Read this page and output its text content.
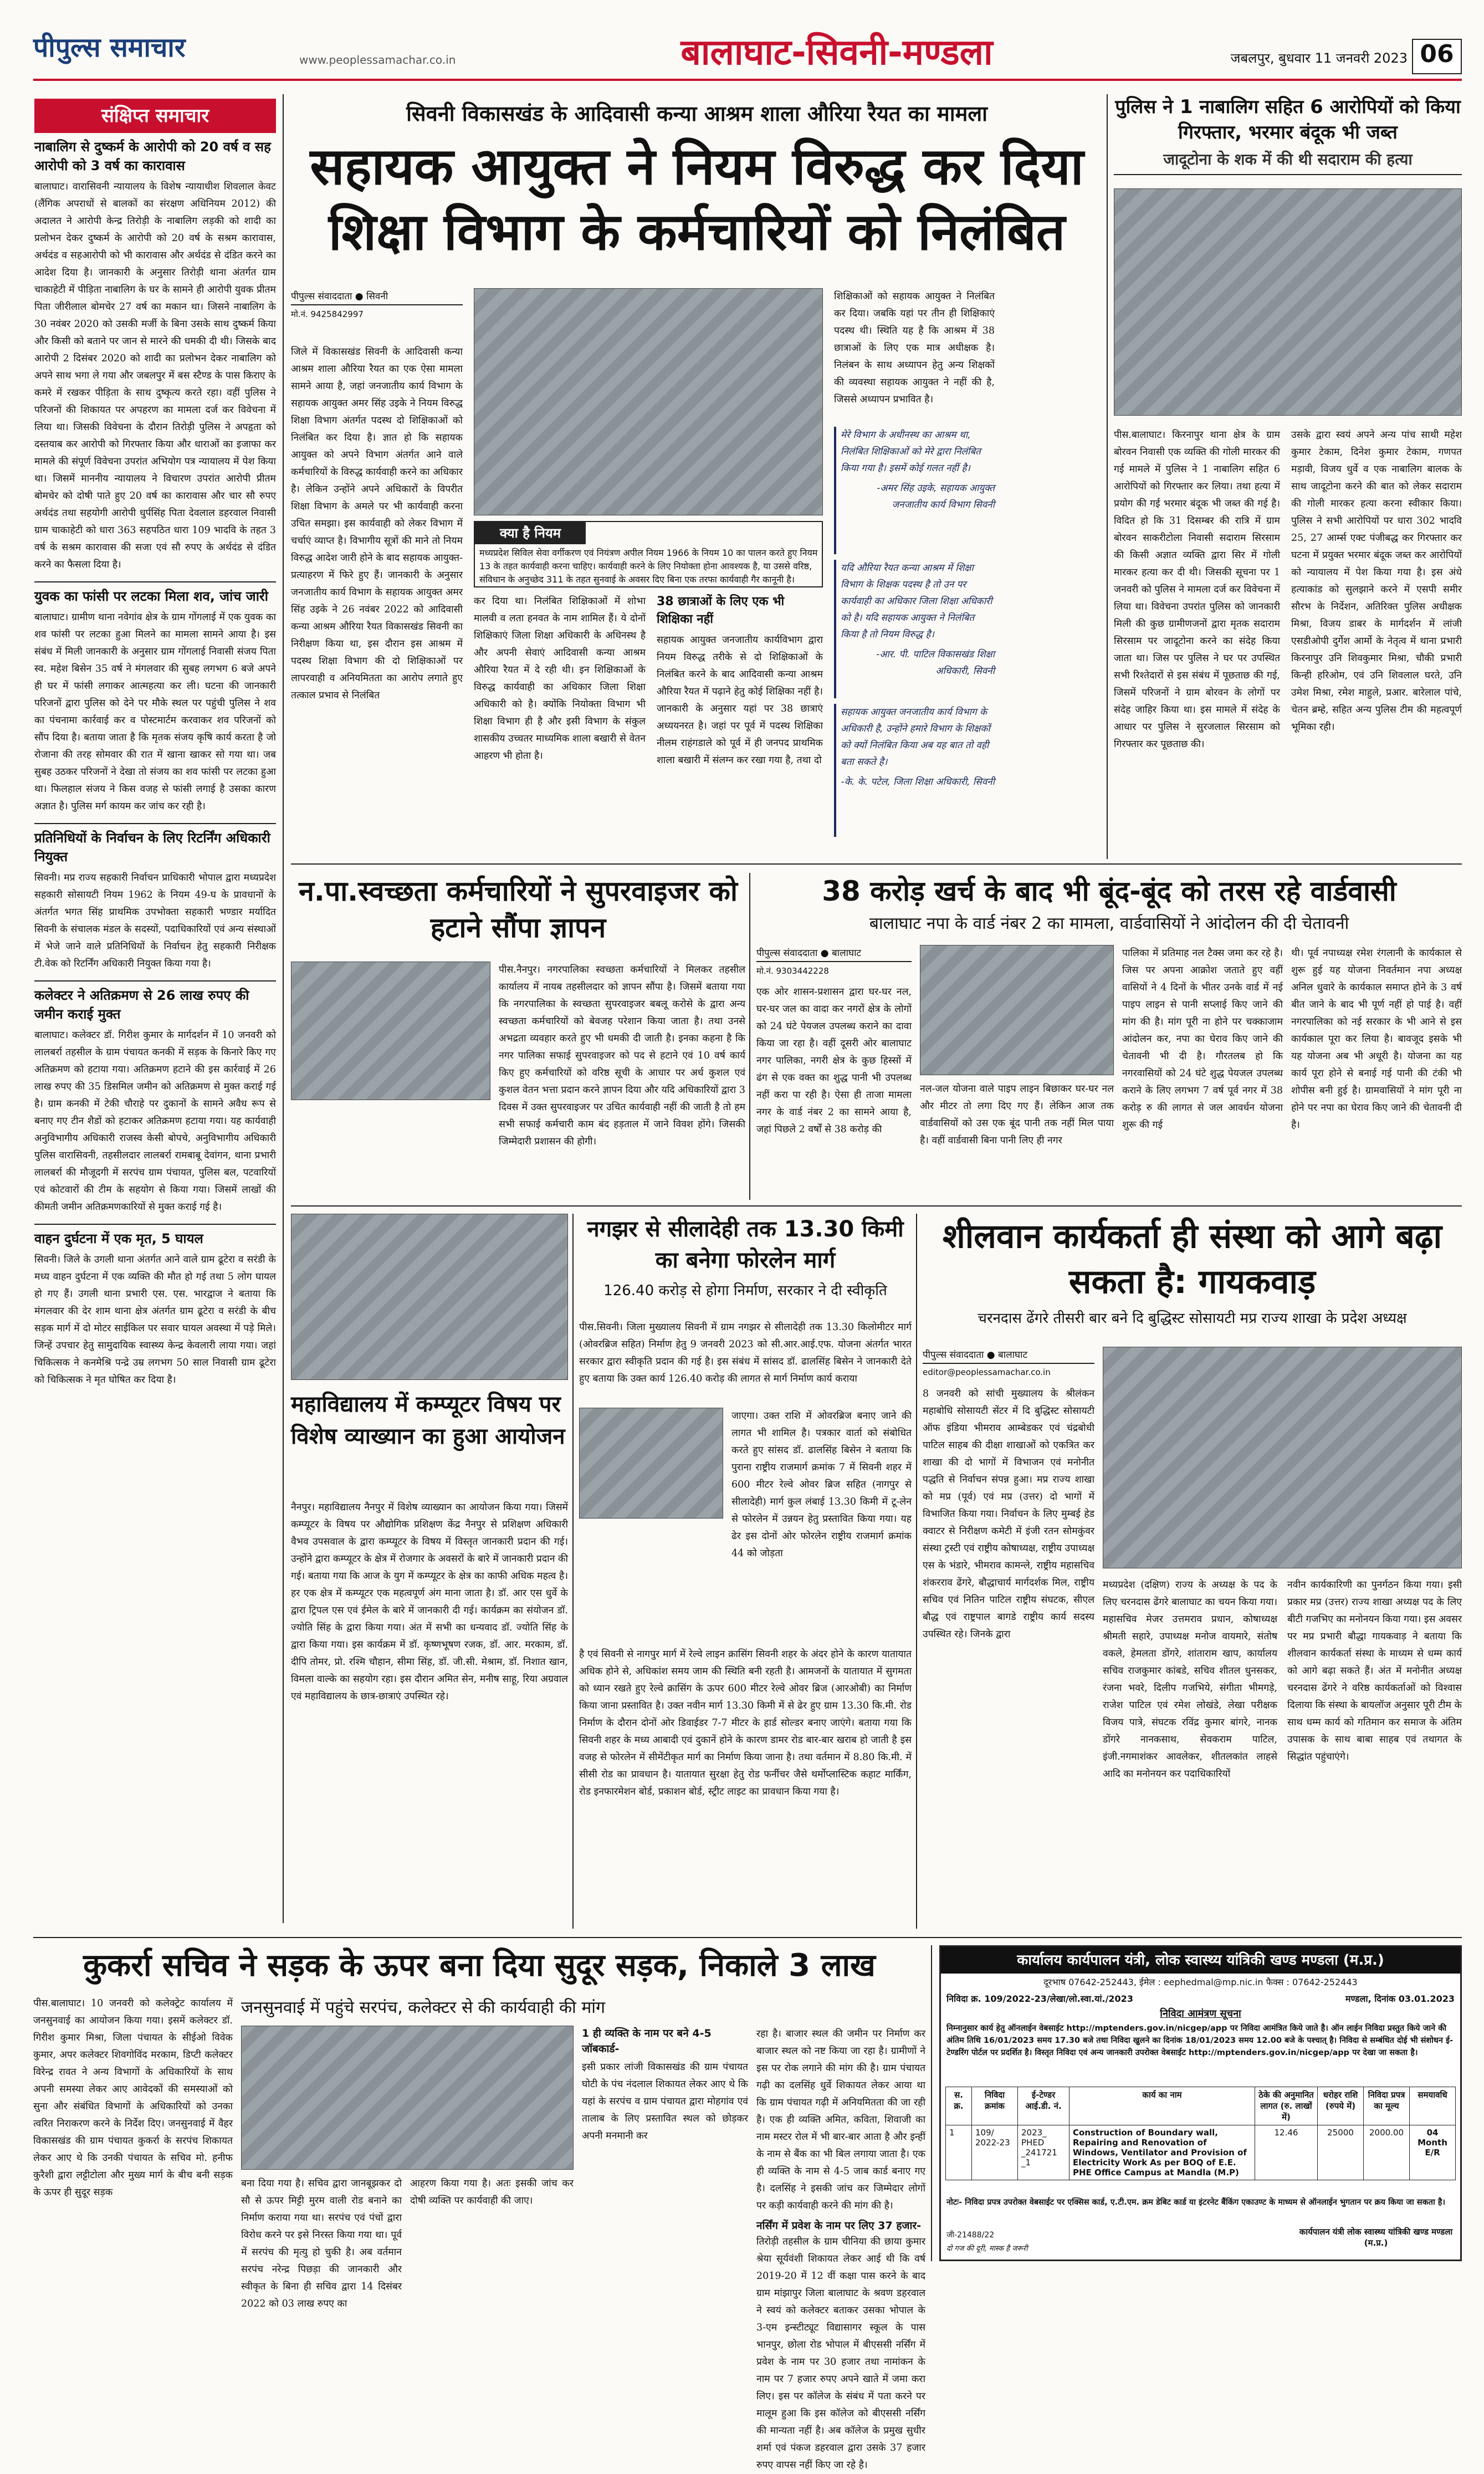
पीपुल्स समाचार	www.peoplessamachar.co.in	बालाघाट-सिवनी-मण्डला	जबलपुर, बुधवार 11 जनवरी 2023 06
संक्षिप्त समाचार
नाबालिग से दुष्कर्म के आरोपी को 20 वर्ष व सह आरोपी को 3 वर्ष का कारावास

बालाघाट। वारासिवनी न्यायालय के विशेष न्यायाधीश शिवलाल केवट (लैंगिक अपराधों से बालकों का संरक्षण अधिनियम 2012) की अदालत ने आरोपी केन्द्र तिरोड़ी के नाबालिग लड़की को शादी का प्रलोभन देकर दुष्कर्म के आरोपी को 20 वर्ष के सश्रम कारावास, अर्थदंड व सहआरोपी को भी कारावास और अर्थदंड से दंडित करने का आदेश दिया है। जानकारी के अनुसार तिरोड़ी थाना अंतर्गत ग्राम चाकाहेटी में पीड़िता नाबालिग के घर के सामने ही आरोपी युवक प्रीतम पिता जीरीलाल बोमचेर 27 वर्ष का मकान था। जिसने नाबालिग के 30 नवंबर 2020 को उसकी मर्जी के बिना उसके साथ दुष्कर्म किया और किसी को बताने पर जान से मारने की धमकी दी थी। जिसके बाद आरोपी 2 दिसंबर 2020 को शादी का प्रलोभन देकर नाबालिग को अपने साथ भगा ले गया और जबलपुर में बस स्टैण्ड के पास किराए के कमरे में रखकर पीड़िता के साथ दुष्कृत्य करते रहा। वहीं पुलिस ने परिजनों की शिकायत पर अपहरण का मामला दर्ज कर विवेचना में लिया था। जिसकी विवेचना के दौरान तिरोड़ी पुलिस ने अपहृता को दस्तयाब कर आरोपी को गिरफ्तार किया और धाराओं का इजाफा कर मामले की संपूर्ण विवेचना उपरांत अभियोग पत्र न्यायालय में पेश किया था। जिसमें माननीय न्यायालय ने विचारण उपरांत आरोपी प्रीतम बोमचेर को दोषी पाते हुए 20 वर्ष का कारावास और चार सौ रुपए अर्थदंड तथा सहयोगी आरोपी धुर्पसिंह पिता देवलाल डहरवाल निवासी ग्राम चाकाहेटी को धारा 363 सहपठित धारा 109 भादवि के तहत 3 वर्ष के सश्रम कारावास की सजा एवं सौ रुपए के अर्थदंड से दंडित करने का फैसला दिया है।

युवक का फांसी पर लटका मिला शव, जांच जारी

बालाघाट। ग्रामीण थाना नवेगांव क्षेत्र के ग्राम गोंगलाई में एक युवक का शव फांसी पर लटका हुआ मिलने का मामला सामने आया है। इस संबंध में मिली जानकारी के अनुसार ग्राम गोंगलाई निवासी संजय पिता स्व. महेश बिसेन 35 वर्ष ने मंगलवार की सुबह लगभग 6 बजे अपने ही घर में फांसी लगाकर आत्महत्या कर ली। घटना की जानकारी परिजनों द्वारा पुलिस को देने पर मौके स्थल पर पहुंची पुलिस ने शव का पंचनामा कार्रवाई कर व पोस्टमार्टम करवाकर शव परिजनों को सौंप दिया है। बताया जाता है कि मृतक संजय कृषि कार्य करता है जो रोजाना की तरह सोमवार की रात में खाना खाकर सो गया था। जब सुबह उठकर परिजनों ने देखा तो संजय का शव फांसी पर लटका हुआ था। फिलहाल संजय ने किस वजह से फांसी लगाई है उसका कारण अज्ञात है। पुलिस मर्ग कायम कर जांच कर रही है।

प्रतिनिधियों के निर्वाचन के लिए रिटर्निंग अधिकारी नियुक्त

सिवनी। मप्र राज्य सहकारी निर्वाचन प्राधिकारी भोपाल द्वारा मध्यप्रदेश सहकारी सोसायटी नियम 1962 के नियम 49-घ के प्रावधानों के अंतर्गत भगत सिंह प्राथमिक उपभोक्ता सहकारी भण्डार मर्यादित सिवनी के संचालक मंडल के सदस्यों, पदाधिकारियों एवं अन्य संस्थाओं में भेजे जाने वाले प्रतिनिधियों के निर्वाचन हेतु सहकारी निरीक्षक टी.वेक को रिटर्निंग अधिकारी नियुक्त किया गया है।

कलेक्टर ने अतिक्रमण से 26 लाख रुपए की जमीन कराई मुक्त

बालाघाट। कलेक्टर डॉ. गिरीश कुमार के मार्गदर्शन में 10 जनवरी को लालबर्रा तहसील के ग्राम पंचायत कनकी में सड़क के किनारे किए गए अतिक्रमण को हटाया गया। अतिक्रमण हटाने की इस कार्रवाई में 26 लाख रुपए की 35 डिसमिल जमीन को अतिक्रमण से मुक्त कराई गई है। ग्राम कनकी में टेकी चौराहे पर दुकानों के सामने अवैध रूप से बनाए गए टीन शैडों को हटाकर अतिक्रमण हटाया गया। यह कार्यवाही अनुविभागीय अधिकारी राजस्व केसी बोपचे, अनुविभागीय अधिकारी पुलिस वारासिवनी, तहसीलदार लालबर्रा रामबाबू देवांगन, थाना प्रभारी लालबर्रा की मौजूदगी में सरपंच ग्राम पंचायत, पुलिस बल, पटवारियों एवं कोटवारों की टीम के सहयोग से किया गया। जिसमें लाखों की कीमती जमीन अतिक्रमणकारियों से मुक्त कराई गई है।

वाहन दुर्घटना में एक मृत, 5 घायल

सिवनी। जिले के उगली थाना अंतर्गत आने वाले ग्राम ढूटेरा व सरंडी के मध्य वाहन दुर्घटना में एक व्यक्ति की मौत हो गई तथा 5 लोग घायल हो गए हैं। उगली थाना प्रभारी एस. एस. भारद्वाज ने बताया कि मंगलवार की देर शाम थाना क्षेत्र अंतर्गत ग्राम ढूटेरा व सरंडी के बीच सड़क मार्ग में दो मोटर साईकिल पर सवार घायल अवस्था में पड़े मिले। जिन्हें उपचार हेतु सामुदायिक स्वास्थ्य केन्द्र केवलारी लाया गया। जहां चिकित्सक ने कनमेश्रि पन्द्रे उम्र लगभग 50 साल निवासी ग्राम ढूटेरा को चिकित्सक ने मृत घोषित कर दिया है।

सिवनी विकासखंड के आदिवासी कन्या आश्रम शाला औरिया रैयत का मामला
सहायक आयुक्त ने नियम विरुद्ध कर दिया शिक्षा विभाग के कर्मचारियों को निलंबित
पीपुल्स संवाददाता ● सिवनी
मो.नं. 9425842997
जिले में विकासखंड सिवनी के आदिवासी कन्या आश्रम शाला औरिया रैयत का एक ऐसा मामला सामने आया है, जहां जनजातीय कार्य विभाग के सहायक आयुक्त अमर सिंह उइके ने नियम विरुद्ध शिक्षा विभाग अंतर्गत पदस्थ दो शिक्षिकाओं को निलंबित कर दिया है। ज्ञात हो कि सहायक आयुक्त को अपने विभाग अंतर्गत आने वाले कर्मचारियों के विरुद्ध कार्यवाही करने का अधिकार है। लेकिन उन्होंने अपने अधिकारों के विपरीत शिक्षा विभाग के अमले पर भी कार्यवाही करना उचित समझा। इस कार्यवाही को लेकर विभाग में चर्चाएं व्याप्त है। विभागीय सूत्रों की माने तो नियम विरुद्ध आदेश जारी होने के बाद सहायक आयुक्त- प्रत्याहरण में फिरे हुए हैं। जानकारी के अनुसार जनजातीय कार्य विभाग के सहायक आयुक्त अमर सिंह उइके ने 26 नवंबर 2022 को आदिवासी कन्या आश्रम औरिया रैयत विकासखंड सिवनी का निरीक्षण किया था, इस दौरान इस आश्रम में पदस्थ शिक्षा विभाग की दो शिक्षिकाओं पर लापरवाही व अनियमितता का आरोप लगाते हुए तत्काल प्रभाव से निलंबित
क्या है नियम
मध्यप्रदेश सिविल सेवा वर्गीकरण एवं नियंत्रण अपील नियम 1966 के नियम 10 का पालन करते हुए नियम 13 के तहत कार्यवाही करना चाहिए। कार्यवाही करने के लिए नियोक्ता होना आवश्यक है, या उससे वरिष्ठ, संविधान के अनुच्छेद 311 के तहत सुनवाई के अवसर दिए बिना एक तरफा कार्यवाही गैर कानूनी है।
कर दिया था। निलंबित शिक्षिकाओं में शोभा मालवी व लता हनवत के नाम शामिल हैं। ये दोनों शिक्षिकाएं जिला शिक्षा अधिकारी के अधिनस्थ है और अपनी सेवाएं आदिवासी कन्या आश्रम औरिया रैयत में दे रही थी। इन शिक्षिकाओं के विरुद्ध कार्यवाही का अधिकार जिला शिक्षा अधिकारी को है। क्योंकि नियोक्ता विभाग भी शिक्षा विभाग ही है और इसी विभाग के संकुल शासकीय उच्चतर माध्यमिक शाला बखारी से वेतन आहरण भी होता है।
38 छात्राओं के लिए एक भी शिक्षिका नहीं
सहायक आयुक्त जनजातीय कार्यविभाग द्वारा नियम विरुद्ध तरीके से दो शिक्षिकाओं के निलंबित करने के बाद आदिवासी कन्या आश्रम औरिया रैयत में पढ़ाने हेतु कोई शिक्षिका नहीं है। जानकारी के अनुसार यहां पर 38 छात्राएं अध्ययनरत है। जहां पर पूर्व में पदस्थ शिक्षिका नीलम राहंगडाले को पूर्व में ही जनपद प्राथमिक शाला बखारी में संलग्न कर रखा गया है, तथा दो
शिक्षिकाओं को सहायक आयुक्त ने निलंबित कर दिया। जबकि यहां पर तीन ही शिक्षिकाएं पदस्थ थी। स्थिति यह है कि आश्रम में 38 छात्राओं के लिए एक मात्र अधीक्षक है। निलंबन के साथ अध्यापन हेतु अन्य शिक्षकों की व्यवस्था सहायक आयुक्त ने नहीं की है, जिससे अध्यापन प्रभावित है।
मेरे विभाग के अधीनस्थ का आश्रम था, निलंबित शिक्षिकाओं को मेरे द्वारा निलंबित किया गया है। इसमें कोई गलत नहीं है।
-अमर सिंह उइके, सहायक आयुक्त जनजातीय कार्य विभाग सिवनी
यदि औरिया रैयत कन्या आश्रम में शिक्षा विभाग के शिक्षक पदस्थ है तो उन पर कार्यवाही का अधिकार जिला शिक्षा अधिकारी को है। यदि सहायक आयुक्त ने निलंबित किया है तो नियम विरुद्ध है।
-आर. पी. पाटिल विकासखंड शिक्षा अधिकारी, सिवनी
सहायक आयुक्त जनजातीय कार्य विभाग के अधिकारी है, उन्होंने हमारे विभाग के शिक्षकों को क्यों निलंबित किया अब यह बात तो वही बता सकते है।
-के. के. पटेल, जिला शिक्षा अधिकारी, सिवनी
पुलिस ने 1 नाबालिग सहित 6 आरोपियों को किया गिरफ्तार, भरमार बंदूक भी जब्त
जादूटोना के शक में की थी सदाराम की हत्या
पीस.बालाघाट। किरनापुर थाना क्षेत्र के ग्राम बोरवन निवासी एक व्यक्ति की गोली मारकर की गई मामले में पुलिस ने 1 नाबालिग सहित 6 आरोपियों को गिरफ्तार कर लिया। तथा हत्या में प्रयोग की गई भरमार बंदूक भी जब्त की गई है। विदित हो कि 31 दिसम्बर की रात्रि में ग्राम बोरवन साकरीटोला निवासी सदाराम सिरसाम की किसी अज्ञात व्यक्ति द्वारा सिर में गोली मारकर हत्या कर दी थी। जिसकी सूचना पर 1 जनवरी को पुलिस ने मामला दर्ज कर विवेचना में लिया था। विवेचना उपरांत पुलिस को जानकारी मिली की कुछ ग्रामीणजनों द्वारा मृतक सदाराम सिरसाम पर जादूटोना करने का संदेह किया जाता था। जिस पर पुलिस ने घर पर उपस्थित सभी रिश्तेदारों से इस संबंध में पूछताछ की गई, जिसमें परिजनों ने ग्राम बोरवन के लोगों पर संदेह जाहिर किया था। इस मामले में संदेह के आधार पर पुलिस ने सुरजलाल सिरसाम को गिरफ्तार कर पूछताछ की।
उसके द्वारा स्वयं अपने अन्य पांच साथी महेश कुमार टेकाम, दिनेश कुमार टेकाम, गणपत मड़ावी, विजय धुर्वे व एक नाबालिग बालक के साथ जादूटोना करने की बात को लेकर सदाराम की गोली मारकर हत्या करना स्वीकार किया। पुलिस ने सभी आरोपियों पर धारा 302 भादवि 25, 27 आर्म्स एक्ट पंजीबद्ध कर गिरफ्तार कर घटना में प्रयुक्त भरमार बंदूक जब्त कर आरोपियों को न्यायालय में पेश किया गया है। इस अंधे हत्याकांड को सुलझाने करने में एसपी समीर सौरभ के निर्देशन, अतिरिक्त पुलिस अधीक्षक मिश्रा, विजय डाबर के मार्गदर्शन में लांजी एसडीओपी दुर्गेश आर्मो के नेतृत्व में थाना प्रभारी किरनापुर उनि शिवकुमार मिश्रा, चौकी प्रभारी किन्ही हरिओम, एवं उनि शिवलाल घरते, उनि उमेश मिश्रा, रमेश माहुले, प्रआर. बारेलाल पांचे, चेतन ब्रम्हे, सहित अन्य पुलिस टीम की महत्वपूर्ण भूमिका रही।
न.पा.स्वच्छता कर्मचारियों ने सुपरवाइजर को हटाने सौंपा ज्ञापन
पीस.नैनपुर। नगरपालिका स्वच्छता कर्मचारियों ने मिलकर तहसील कार्यालय में नायब तहसीलदार को ज्ञापन सौंपा है। जिसमें बताया गया कि नगरपालिका के स्वच्छता सुपरवाइजर बबलू करोसे के द्वारा अन्य स्वच्छता कर्मचारियों को बेवजह परेशान किया जाता है। तथा उनसे अभद्रता व्यवहार करते हुए भी धमकी दी जाती है। इनका कहना है कि नगर पालिका सफाई सुपरवाइजर को पद से हटाने एवं 10 वर्ष कार्य किए हुए कर्मचारियों को वरिष्ठ सूची के आधार पर अर्ध कुशल एवं कुशल वेतन भत्ता प्रदान करने ज्ञापन दिया और यदि अधिकारियों द्वारा 3 दिवस में उक्त सुपरवाइजर पर उचित कार्यवाही नहीं की जाती है तो हम सभी सफाई कर्मचारी काम बंद हड़ताल में जाने विवश होंगे। जिसकी जिम्मेदारी प्रशासन की होगी।
38 करोड़ खर्च के बाद भी बूंद-बूंद को तरस रहे वार्डवासी
बालाघाट नपा के वार्ड नंबर 2 का मामला, वार्डवासियों ने आंदोलन की दी चेतावनी
पीपुल्स संवाददाता ● बालाघाट
मो.नं. 9303442228
एक ओर शासन-प्रशासन द्वारा घर-घर नल, घर-घर जल का वादा कर नगरों क्षेत्र के लोगों को 24 घंटे पेयजल उपलब्ध कराने का दावा किया जा रहा है। वहीं दूसरी ओर बालाघाट नगर पालिका, नगरी क्षेत्र के कुछ हिस्सों में ढंग से एक वक्त का शुद्ध पानी भी उपलब्ध नहीं करा पा रही है। ऐसा ही ताजा मामला नगर के वार्ड नंबर 2 का सामने आया है, जहां पिछले 2 वर्षों से 38 करोड़ की
नल-जल योजना वाले पाइप लाइन बिछाकर घर-घर नल और मीटर तो लगा दिए गए हैं। लेकिन आज तक वार्डवासियों को उस एक बूंद पानी तक नहीं मिल पाया है। वहीं वार्डवासी बिना पानी लिए ही नगर
पालिका में प्रतिमाह नल टैक्स जमा कर रहे है। जिस पर अपना आक्रोश जताते हुए वहीं वासियों ने 4 दिनों के भीतर उनके वार्ड में नई पाइप लाइन से पानी सप्लाई किए जाने की मांग की है। मांग पूरी ना होने पर चक्काजाम आंदोलन कर, नपा का घेराव किए जाने की चेतावनी भी दी है। गौरतलब हो कि नगरवासियों को 24 घंटे शुद्ध पेयजल उपलब्ध कराने के लिए लगभग 7 वर्ष पूर्व नगर में 38 करोड़ रु की लागत से जल आवर्धन योजना शुरू की गई
थी। पूर्व नपाध्यक्ष रमेश रंगलानी के कार्यकाल से शुरू हुई यह योजना निवर्तमान नपा अध्यक्ष अनिल धुवारे के कार्यकाल समाप्त होने के 3 वर्ष बीत जाने के बाद भी पूर्ण नहीं हो पाई है। वहीं नगरपालिका को नई सरकार के भी आने से इस कार्यकाल पूरा कर लिया है। बावजूद इसके भी यह योजना अब भी अधूरी है। योजना का यह कार्य पूरा होने से बनाई गई पानी की टंकी भी शोपीस बनी हुई है। ग्रामवासियों ने मांग पूरी ना होने पर नपा का घेराव किए जाने की चेतावनी दी है।
महाविद्यालय में कम्प्यूटर विषय पर विशेष व्याख्यान का हुआ आयोजन
नैनपुर। महाविद्यालय नैनपुर में विशेष व्याख्यान का आयोजन किया गया। जिसमें कम्प्यूटर के विषय पर औद्योगिक प्रशिक्षण केंद्र नैनपुर से प्रशिक्षण अधिकारी वैभव उपसवाल के द्वारा कम्प्यूटर के विषय में विस्तृत जानकारी प्रदान की गई। उन्होंने द्वारा कम्प्यूटर के क्षेत्र में रोजगार के अवसरों के बारे में जानकारी प्रदान की गई। बताया गया कि आज के युग में कम्प्यूटर के क्षेत्र का काफी अधिक महत्व है। हर एक क्षेत्र में कम्प्यूटर एक महत्वपूर्ण अंग माना जाता है। डॉ. आर एस धुर्वे के द्वारा ट्रिपल एस एवं ईमेल के बारे में जानकारी दी गई। कार्यक्रम का संयोजन डॉ. ज्योति सिंह के द्वारा किया गया। अंत में सभी का धन्यवाद डॉ. ज्योति सिंह के द्वारा किया गया। इस कार्यक्रम में डॉ. कृष्णभूषण रजक, डॉ. आर. मरकाम, डॉ. दीपि तोमर, प्रो. रश्मि चौहान, सीमा सिंह, डॉ. जी.सी. मेश्राम, डॉ. निशात खान, विमला वाल्के का सहयोग रहा। इस दौरान अमित सेन, मनीष साहू, रिया अग्रवाल एवं महाविद्यालय के छात्र-छात्राएं उपस्थित रहे।
नगझर से सीलादेही तक 13.30 किमी का बनेगा फोरलेन मार्ग
126.40 करोड़ से होगा निर्माण, सरकार ने दी स्वीकृति
पीस.सिवनी। जिला मुख्यालय सिवनी में ग्राम नगझर से सीलादेही तक 13.30 किलोमीटर मार्ग (ओवरब्रिज सहित) निर्माण हेतु 9 जनवरी 2023 को सी.आर.आई.एफ. योजना अंतर्गत भारत सरकार द्वारा स्वीकृति प्रदान की गई है। इस संबंध में सांसद डॉ. ढालसिंह बिसेन ने जानकारी देते हुए बताया कि उक्त कार्य 126.40 करोड़ की लागत से मार्ग निर्माण कार्य कराया
जाएगा। उक्त राशि में ओवरब्रिज बनाए जाने की लागत भी शामिल है। पत्रकार वार्ता को संबोधित करते हुए सांसद डॉ. ढालसिंह बिसेन ने बताया कि पुराना राष्ट्रीय राजमार्ग क्रमांक 7 में सिवनी शहर में 600 मीटर रेल्वे ओवर ब्रिज सहित (नागपुर से सीलादेही) मार्ग कुल लंबाई 13.30 किमी में टू-लेन से फोरलेन में उन्नयन हेतु प्रस्तावित किया गया। यह ढेर इस दोनों ओर फोरलेन राष्ट्रीय राजमार्ग क्रमांक 44 को जोड़ता
है एवं सिवनी से नागपुर मार्ग में रेल्वे लाइन क्रासिंग सिवनी शहर के अंदर होने के कारण यातायात अधिक होने से, अधिकांश समय जाम की स्थिति बनी रहती है। आमजनों के यातायात में सुगमता को ध्यान रखते हुए रेल्वे क्रासिंग के ऊपर 600 मीटर रेल्वे ओवर ब्रिज (आरओबी) का निर्माण किया जाना प्रस्तावित है। उक्त नवीन मार्ग 13.30 किमी में से ढेर हुए ग्राम 13.30 कि.मी. रोड निर्माण के दौरान दोनों ओर डिवाईडर 7-7 मीटर के हार्ड सोल्डर बनाए जाएंगे। बताया गया कि सिवनी शहर के मध्य आबादी एवं दुकानें होने के कारण डामर रोड बार-बार खराब हो जाती है इस वजह से फोरलेन में सीमेंटीकृत मार्ग का निर्माण किया जाना है। तथा वर्तमान में 8.80 कि.मी. में सीसी रोड का प्रावधान है। यातायात सुरक्षा हेतु रोड फर्नीचर जैसे थर्मोप्लास्टिक कहाट मार्किंग, रोड इनफारमेशन बोर्ड, प्रकाशन बोर्ड, स्ट्रीट लाइट का प्रावधान किया गया है।
शीलवान कार्यकर्ता ही संस्था को आगे बढ़ा सकता है: गायकवाड़
चरनदास ढेंगरे तीसरी बार बने दि बुद्धिस्ट सोसायटी मप्र राज्य शाखा के प्रदेश अध्यक्ष
पीपुल्स संवाददाता ● बालाघाट
editor@peoplessamachar.co.in
8 जनवरी को सांची मुख्यालय के श्रीलंकन महाबोधि सोसायटी सेंटर में दि बुद्धिस्ट सोसायटी ऑफ इंडिया भीमराव आम्बेडकर एवं चंद्रबोधी पाटिल साहब की दीक्षा शाखाओं को एकत्रित कर शाखा की दो भागों में विभाजन एवं मनोनीत पद्धति से निर्वाचन संपन्न हुआ। मप्र राज्य शाखा को मप्र (पूर्व) एवं मप्र (उत्तर) दो भागों में विभाजित किया गया। निर्वाचन के लिए मुम्बई हेड क्वाटर से निरीक्षण कमेटी में इंजी रतन सोमकुंवर संस्था ट्रस्टी एवं राष्ट्रीय कोषाध्यक्ष, राष्ट्रीय उपाध्यक्ष एस के भंडारे, भीमराव कामन्ले, राष्ट्रीय महासचिव शंकरराव ढेंगरे, बौद्धाचार्य मार्गदर्शक मिल, राष्ट्रीय सचिव एवं नितिन पाटिल राष्ट्रीय संघटक, सीएल बौद्ध एवं राष्ट्रपाल बागडे राष्ट्रीय कार्य सदस्य उपस्थित रहे। जिनके द्वारा
मध्यप्रदेश (दक्षिण) राज्य के अध्यक्ष के पद के लिए चरनदास ढेंगरे बालाघाट का चयन किया गया। महासचिव मेजर उत्तमराव प्रधान, कोषाध्यक्ष श्रीमती सहारे, उपाध्यक्ष मनोज वायमारे, संतोष वकले, हेमलता डोंगरे, शांताराम खाप, कार्यालय सचिव राजकुमार कांबडे, सचिव शीतल धुनसकर, रंजना भवरे, दिलीप गजभिये, संगीता भीमगड़े, राजेश पाटिल एवं रमेश लोखंडे, लेखा परीक्षक विजय पात्रे, संघटक रविंद्र कुमार बांगरे, नानक डोंगरे नानकसाथ, सेवकराम पाटिल, इंजी.नगमाशंकर आवलेकर, शीतलकांत लाहसे आदि का मनोनयन कर पदाधिकारियों
नवीन कार्यकारिणी का पुनर्गठन किया गया। इसी प्रकार मप्र (उत्तर) राज्य शाखा अध्यक्ष पद के लिए बीटी गजभिए का मनोनयन किया गया। इस अवसर पर मप्र प्रभारी बौद्धा गायकवाड़ ने बताया कि शीलवान कार्यकर्ता संस्था के माध्यम से धम्म कार्य को आगे बढ़ा सकते हैं। अंत में मनोनीत अध्यक्ष चरनदास ढेंगरे ने वरिष्ठ कार्यकर्ताओं को विश्वास दिलाया कि संस्था के बायलॉज अनुसार पूरी टीम के साथ धम्म कार्य को गतिमान कर समाज के अंतिम उपासक के साथ बाबा साहब एवं तथागत के सिद्धांत पहुंचाएंगे।
कुकर्रा सचिव ने सड़क के ऊपर बना दिया सुदूर सड़क, निकाले 3 लाख
पीस.बालाघाट। 10 जनवरी को कलेक्ट्रेट कार्यालय में जनसुनवाई का आयोजन किया गया। इसमें कलेक्टर डॉ. गिरीश कुमार मिश्रा, जिला पंचायत के सीईओ विवेक कुमार, अपर कलेक्टर शिवगोविंद मरकाम, डिप्टी कलेक्टर विरेन्द्र रावत ने अन्य विभागों के अधिकारियों के साथ अपनी समस्या लेकर आए आवेदकों की समस्याओं को सुना और संबंधित विभागों के अधिकारियों को उनका त्वरित निराकरण करने के निर्देश दिए। जनसुनवाई में वैहर विकासखंड की ग्राम पंचायत कुकर्रा के सरपंच शिकायत लेकर आए थे कि उनकी पंचायत के सचिव मो. हनीफ कुरैशी द्वारा लट्टीटोला और मुख्य मार्ग के बीच बनी सड़क के ऊपर ही सुदूर सड़क
जनसुनवाई में पहुंचे सरपंच, कलेक्टर से की कार्यवाही की मांग
बना दिया गया है। सचिव द्वारा जानबूझकर दो सौ से ऊपर मिट्टी मुरम वाली रोड बनाने का निर्माण कराया गया था। सरपंच एवं पंचों द्वारा विरोध करने पर इसे निरस्त किया गया था। पूर्व में सरपंच की मृत्यु हो चुकी है। अब वर्तमान सरपंच नरेन्द्र पिछड़ा की जानकारी और स्वीकृत के बिना ही सचिव द्वारा 14 दिसंबर 2022 को 03 लाख रुपए का
आहरण किया गया है। अतः इसकी जांच कर दोषी व्यक्ति पर कार्यवाही की जाए।
1 ही व्यक्ति के नाम पर बने 4-5 जॉबकार्ड-
इसी प्रकार लांजी विकासखंड की ग्राम पंचायत घोटी के पंच नंदलाल शिकायत लेकर आए थे कि यहां के सरपंच व ग्राम पंचायत द्वारा मोहगांव एवं तालाब के लिए प्रस्तावित स्थल को छोड़कर अपनी मनमानी कर
रहा है। बाजार स्थल की जमीन पर निर्माण कर बाजार स्थल को नष्ट किया जा रहा है। ग्रामीणों ने इस पर रोक लगाने की मांग की है। ग्राम पंचायत गढ़ी का दलसिंह धुर्वे शिकायत लेकर आया था कि ग्राम पंचायत गढ़ी में अनियमितता की जा रही है। एक ही व्यक्ति अमित, कविता, शिवाजी का नाम मस्टर रोल में भी बार-बार आता है और इन्हीं के नाम से बैंक का भी बिल लगाया जाता है। एक ही व्यक्ति के नाम से 4-5 जाब कार्ड बनाए गए है। दलसिंह ने इसकी जांच कर जिम्मेदार लोगों पर कड़ी कार्यवाही करने की मांग की है।
नर्सिंग में प्रवेश के नाम पर लिए 37 हजार-
तिरोड़ी तहसील के ग्राम चीनिया की छाया कुमार श्रेया सूर्यवंशी शिकायत लेकर आई थी कि वर्ष 2019-20 में 12 वीं कक्षा पास करने के बाद ग्राम मांझापुर जिला बालाघाट के श्रवण डहरवाल ने स्वयं को कलेक्टर बताकर उसका भोपाल के 3-एम इन्स्टीट्यूट विद्यासागर स्कूल के पास भानपुर, छोला रोड भोपाल में बीएससी नर्सिंग में प्रवेश के नाम पर 30 हजार तथा नामांकन के नाम पर 7 हजार रुपए अपने खाते में जमा करा लिए। इस पर कॉलेज के संबंध में पता करने पर मालूम हुआ कि इस कॉलेज को बीएससी नर्सिंग की मान्यता नहीं है। अब कॉलेज के प्रमुख सुधीर शर्मा एवं पंकज डहरवाल द्वारा उसके 37 हजार रुपए वापस नहीं किए जा रहे है।
कार्यालय कार्यपालन यंत्री, लोक स्वास्थ्य यांत्रिकी खण्ड मण्डला (म.प्र.)
दूरभाष 07642-252443, ईमेल : eephedmal@mp.nic.in फैक्स : 07642-252443
निविदा क्र. 109/2022-23/लेखा/लो.स्वा.यां./2023	मण्डला, दिनांक 03.01.2023
निविदा आमंत्रण सूचना
निम्नानुसार कार्य हेतु ऑनलाईन वेबसाईट http://mptenders.gov.in/nicgep/app पर निविदा आमंत्रित किये जाते है। ऑन लाईन निविदा प्रस्तुत किये जाने की अंतिम तिथि 16/01/2023 समय 17.30 बजे तथा निविदा खुलने का दिनांक 18/01/2023 समय 12.00 बजे के पश्चात् है। निविदा से सम्बंधित दोई भी संशोधन ई-टेण्डरिंग पोर्टल पर प्रदर्शित है। विस्तृत निविदा एवं अन्य जानकारी उपरोक्त वेबसाईट http://mptenders.gov.in/nicgep/app पर देखा जा सकता है।
स. क्र.	निविदा क्रमांक	ई-टेण्डर आई.डी. नं.	कार्य का नाम	ठेके की अनुमानित लागत (रु. लाखों में)	धरोहर राशि (रुपये में)	निविदा प्रपत्र का मूल्य	समयावधि
1	109/ 2022-23	2023_ PHED _241721 _1	Construction of Boundary wall, Repairing and Renovation of Windows, Ventilator and Provision of Electricity Work As per BOQ of E.E. PHE Office Campus at Mandla (M.P)	12.46	25000	2000.00	04 Month E/R
नोटः- निविदा प्रपत्र उपरोक्त वेबसाईट पर एक्सिस कार्ड, ए.टी.एम. क्रम डेबिट कार्ड या इंटरनेट बैंकिंग एकाउण्ट के माध्यम से ऑनलाईन भुगतान पर क्रय किया जा सकता है।
जी-21488/22
दो गज की दूरी, मास्क है जरूरी
कार्यपालन यंत्री लोक स्वास्थ्य यांत्रिकी खण्ड मण्डला (म.प्र.)
